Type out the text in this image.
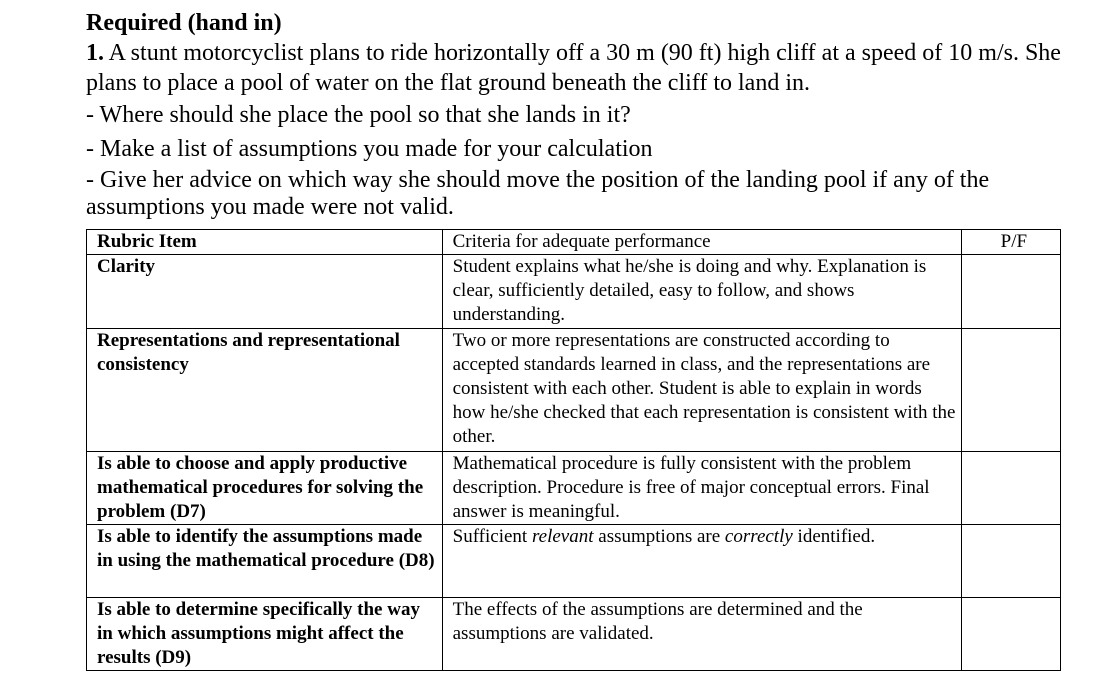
Required (hand in)

1. A stunt motorcyclist plans to ride horizontally off a 30 m (90 ft) high cliff at a speed of 10 m/s. She plans to place a pool of water on the flat ground beneath the cliff to land in.

- Where should she place the pool so that she lands in it?

- Make a list of assumptions you made for your calculation

- Give her advice on which way she should move the position of the landing pool if any of the

assumptions you made were not valid.

Rubric Item	Criteria for adequate performance	P/F
Clarity	Student explains what he/she is doing and why. Explanation is clear, sufficiently detailed, easy to follow, and shows understanding.	
Representations and representational consistency	Two or more representations are constructed according to accepted standards learned in class, and the representations are consistent with each other. Student is able to explain in words how he/she checked that each representation is consistent with the other.	
Is able to choose and apply productive mathematical procedures for solving the problem (D7)	Mathematical procedure is fully consistent with the problem description. Procedure is free of major conceptual errors. Final answer is meaningful.	
Is able to identify the assumptions made in using the mathematical procedure (D8)	Sufficient relevant assumptions are correctly identified.	
Is able to determine specifically the way in which assumptions might affect the results (D9)	The effects of the assumptions are determined and the assumptions are validated.	
